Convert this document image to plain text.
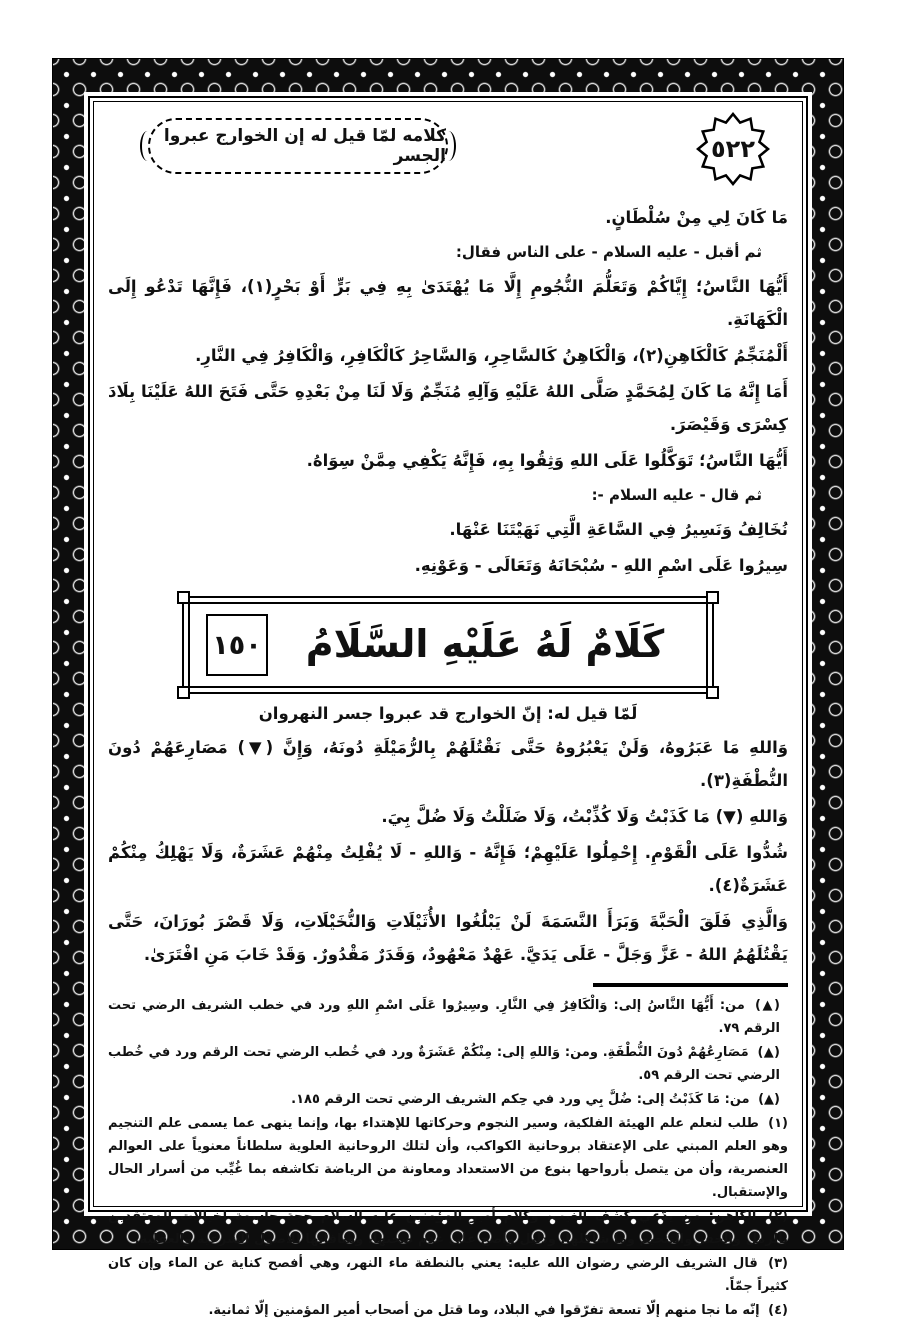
٥٢٢
كلامه لمّا قيل له إن الخوارج عبروا الجسر

مَا كَانَ لِي مِنْ سُلْطَانٍ.

ثم أقبل - عليه السلام - على الناس فقال:

أَيُّهَا النَّاسُ؛ إِيَّاكُمْ وَتَعَلُّمَ النُّجُومِ إِلَّا مَا يُهْتَدَىٰ بِهِ فِي بَرٍّ أَوْ بَحْرٍ(١)، فَإِنَّهَا تَدْعُو إِلَى الْكَهَانَةِ.

أَلْمُنَجِّمُ كَالْكَاهِنِ(٢)، وَالْكَاهِنُ كَالسَّاحِرِ، وَالسَّاحِرُ كَالْكَافِرِ، وَالْكَافِرُ فِي النَّارِ.

أَمَا إِنَّهُ مَا كَانَ لِمُحَمَّدٍ صَلَّى اللهُ عَلَيْهِ وَآلِهِ مُنَجِّمٌ وَلَا لَنَا مِنْ بَعْدِهِ حَتَّى فَتَحَ اللهُ عَلَيْنَا بِلَادَ كِسْرَى وَقَيْصَرَ.

أَيُّهَا النَّاسُ؛ تَوَكَّلُوا عَلَى اللهِ وَثِقُوا بِهِ، فَإِنَّهُ يَكْفِي مِمَّنْ سِوَاهُ.

ثم قال - عليه السلام -:

نُخَالِفُ وَنَسِيرُ فِي السَّاعَةِ الَّتِي نَهَيْتَنَا عَنْهَا.

سِيرُوا عَلَى اسْمِ اللهِ - سُبْحَانَهُ وَتَعَالَى - وَعَوْنِهِ.

كَلَامٌ لَهُ عَلَيْهِ السَّلَامُ
١٥٠

لَمّا قيل له: إنّ الخوارج قد عبروا جسر النهروان

وَاللهِ مَا عَبَرُوهُ، وَلَنْ يَعْبُرُوهُ حَتَّى نَقْتُلَهُمْ بِالرُّمَيْلَةِ دُونَهُ، وَإِنَّ (▼) مَصَارِعَهُمْ دُونَ النُّطْفَةِ(٣).

وَاللهِ (▼) مَا كَذَبْتُ وَلَا كُذِّبْتُ، وَلَا ضَلَلْتُ وَلَا ضُلَّ بِيَ.

شُدُّوا عَلَى الْقَوْمِ. إِحْمِلُوا عَلَيْهِمْ؛ فَإِنَّهُ - وَاللهِ - لَا يُفْلِتُ مِنْهُمْ عَشَرَةٌ، وَلَا يَهْلِكُ مِنْكُمْ عَشَرَةٌ(٤).

وَالَّذِي فَلَقَ الْحَبَّةَ وَبَرَأَ النَّسَمَةَ لَنْ يَبْلُغُوا الأُثَيْلَاتِ وَالنُّخَيْلَاتِ، وَلَا قَصْرَ بُورَانَ، حَتَّى يَقْتُلَهُمُ اللهُ - عَزَّ وَجَلَّ - عَلَى يَدَيَّ. عَهْدٌ مَعْهُودٌ، وَقَدَرٌ مَقْدُورٌ. وَقَدْ خَابَ مَنِ افْتَرَىٰ.

(▲) من: أَيُّهَا النَّاسُ إلى: وَالْكَافِرُ فِي النَّارِ. وسِيرُوا عَلَى اسْمِ اللهِ ورد في خطب الشريف الرضي تحت الرقم ٧٩.

(▲) مَصَارِعُهُمْ دُونَ النُّطْفَةِ. ومن: وَاللهِ إلى: مِنْكُمْ عَشَرَةٌ ورد في خُطب الرضي تحت الرقم ورد في خُطب الرضي تحت الرقم ٥٩.

(▲) من: مَا كَذَبْتُ إلى: ضُلَّ بِي ورد في حِكم الشريف الرضي تحت الرقم ١٨٥.

(١) طلب لنعلم علم الهيئة الفلكية، وسير النجوم وحركاتها للإهتداء بها، وإنما ينهى عما يسمى علم التنجيم وهو العلم المبني على الإعتقاد بروحانية الكواكب، وأن لتلك الروحانية العلوية سلطاناً معنوياً على العوالم العنصرية، وأن من يتصل بأرواحها بنوع من الاستعداد ومعاونة من الرياضة تكاشفه بما غُيِّب من أسرار الحال والإستقبال.

(٢) الكاهن: من يدّعي كشف الغيب، وكلام أمير المؤمنين عليه السلام حجة حاسمة لخيالات المعتقدين بالرمل والجفر والتنجيم وما شاكلها، ودليل واضح على عدم صحتها، ومنافاتها للأصول الشرعية والعقلية.

(٣) قال الشريف الرضي رضوان الله عليه: يعني بالنطفة ماء النهر، وهي أفصح كناية عن الماء وإن كان كثيراً جمّاً.

(٤) إنّه ما نجا منهم إلّا تسعة تفرّقوا في البلاد، وما قتل من أصحاب أمير المؤمنين إلّا ثمانية.
